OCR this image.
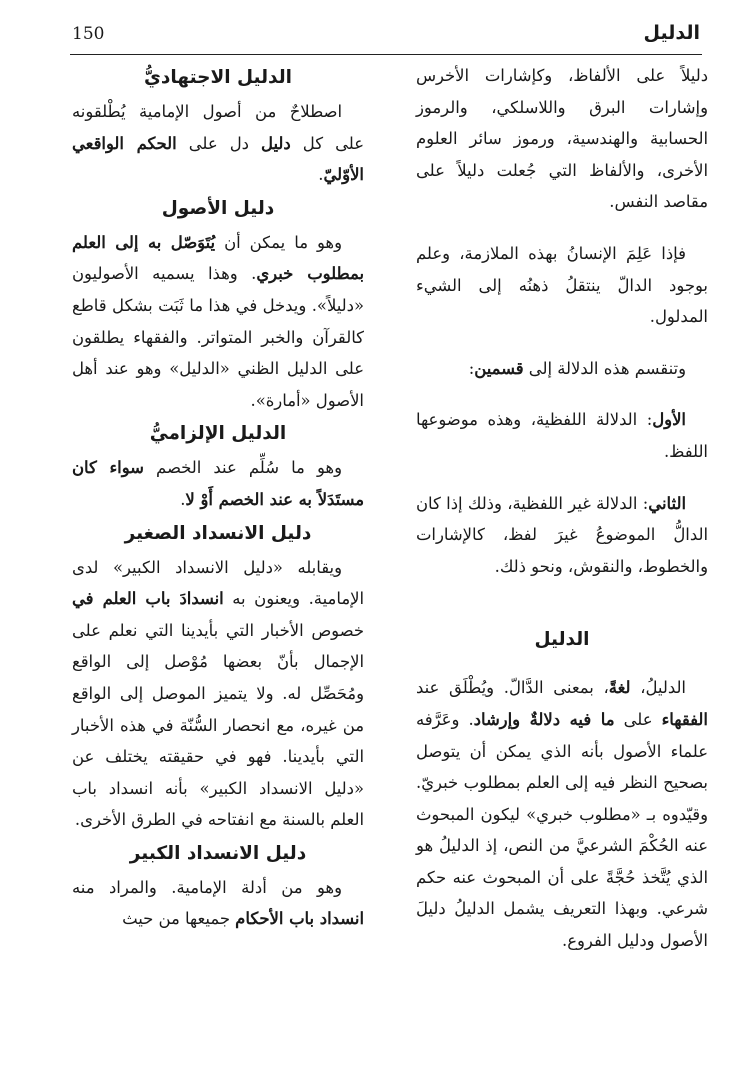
الدليل
150

دليلاً على الألفاظ، وكإشارات الأخرس وإشارات البرق واللاسلكي، والرموز الحسابية والهندسية، ورموز سائر العلوم الأخرى، والألفاظ التي جُعلت دليلاً على مقاصد النفس.

فإذا عَلِمَ الإنسانُ بهذه الملازمة، وعلم بوجود الدالّ ينتقلُ ذهنُه إلى الشيء المدلول.

وتنقسم هذه الدلالة إلى قسمين:

الأول: الدلالة اللفظية، وهذه موضوعها اللفظ.

الثاني: الدلالة غير اللفظية، وذلك إذا كان الدالُّ الموضوعُ غيرَ لفظ، كالإشارات والخطوط، والنقوش، ونحو ذلك.

الدليل

الدليلُ، لغةً، بمعنى الدَّالّ. ويُطْلَق عند الفقهاء على ما فيه دلالةٌ وإرشاد. وعَرَّفه علماء الأصول بأنه الذي يمكن أن يتوصل بصحيح النظر فيه إلى العلم بمطلوب خبريّ. وقيّدوه بـ «مطلوب خبري» ليكون المبحوث عنه الحُكْمَ الشرعيَّ من النص، إذ الدليلُ هو الذي يُتَّخذ حُجَّةً على أن المبحوث عنه حكم شرعي. وبهذا التعريف يشمل الدليلُ دليلَ الأصول ودليل الفروع.

الدليل الاجتهاديُّ

اصطلاحٌ من أصول الإمامية يُطْلقونه على كل دليل دل على الحكم الواقعي الأوّليّ.

دليل الأصول

وهو ما يمكن أن يُتَوَصّل به إلى العلم بمطلوب خبري. وهذا يسميه الأصوليون «دليلاً». ويدخل في هذا ما ثَبَت بشكل قاطع كالقرآن والخبر المتواتر. والفقهاء يطلقون على الدليل الظني «الدليل» وهو عند أهل الأصول «أمارة».

الدليل الإلزاميُّ

وهو ما سُلِّم عند الخصم سواء كان مستَدَلاً به عند الخصم أَوْ لا.

دليل الانسداد الصغير

ويقابله «دليل الانسداد الكبير» لدى الإمامية. ويعنون به انسدادَ باب العلم في خصوص الأخبار التي بأيدينا التي نعلم على الإجمال بأنّ بعضها مُوْصل إلى الواقع ومُحَصِّل له. ولا يتميز الموصل إلى الواقع من غيره، مع انحصار السُّنّة في هذه الأخبار التي بأيدينا. فهو في حقيقته يختلف عن «دليل الانسداد الكبير» بأنه انسداد باب العلم بالسنة مع انفتاحه في الطرق الأخرى.

دليل الانسداد الكبير

وهو من أدلة الإمامية. والمراد منه انسداد باب الأحكام جميعها من حيث
